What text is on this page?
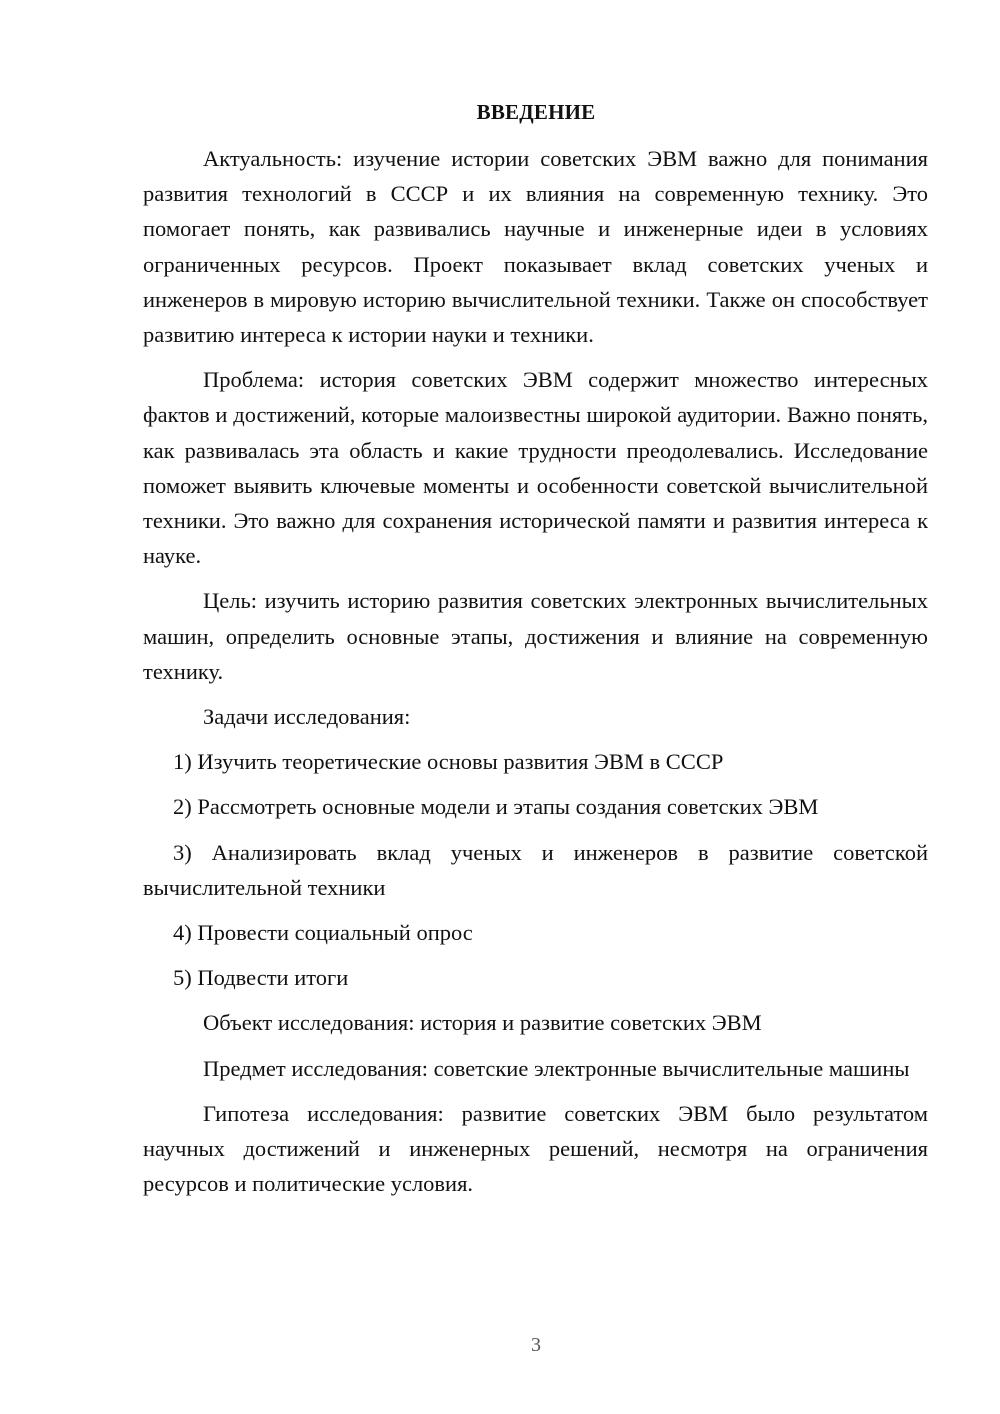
ВВЕДЕНИЕ

Актуальность: изучение истории советских ЭВМ важно для понимания развития технологий в СССР и их влияния на современную технику. Это помогает понять, как развивались научные и инженерные идеи в условиях ограниченных ресурсов. Проект показывает вклад советских ученых и инженеров в мировую историю вычислительной техники. Также он способствует развитию интереса к истории науки и техники.

Проблема: история советских ЭВМ содержит множество интересных фактов и достижений, которые малоизвестны широкой аудитории. Важно понять, как развивалась эта область и какие трудности преодолевались. Исследование поможет выявить ключевые моменты и особенности советской вычислительной техники. Это важно для сохранения исторической памяти и развития интереса к науке.

Цель: изучить историю развития советских электронных вычислительных машин, определить основные этапы, достижения и влияние на современную технику.

Задачи исследования:

1) Изучить теоретические основы развития ЭВМ в СССР

2) Рассмотреть основные модели и этапы создания советских ЭВМ

3) Анализировать вклад ученых и инженеров в развитие советской вычислительной техники

4) Провести социальный опрос

5) Подвести итоги

Объект исследования: история и развитие советских ЭВМ

Предмет исследования: советские электронные вычислительные машины

Гипотеза исследования: развитие советских ЭВМ было результатом научных достижений и инженерных решений, несмотря на ограничения ресурсов и политические условия.

3
